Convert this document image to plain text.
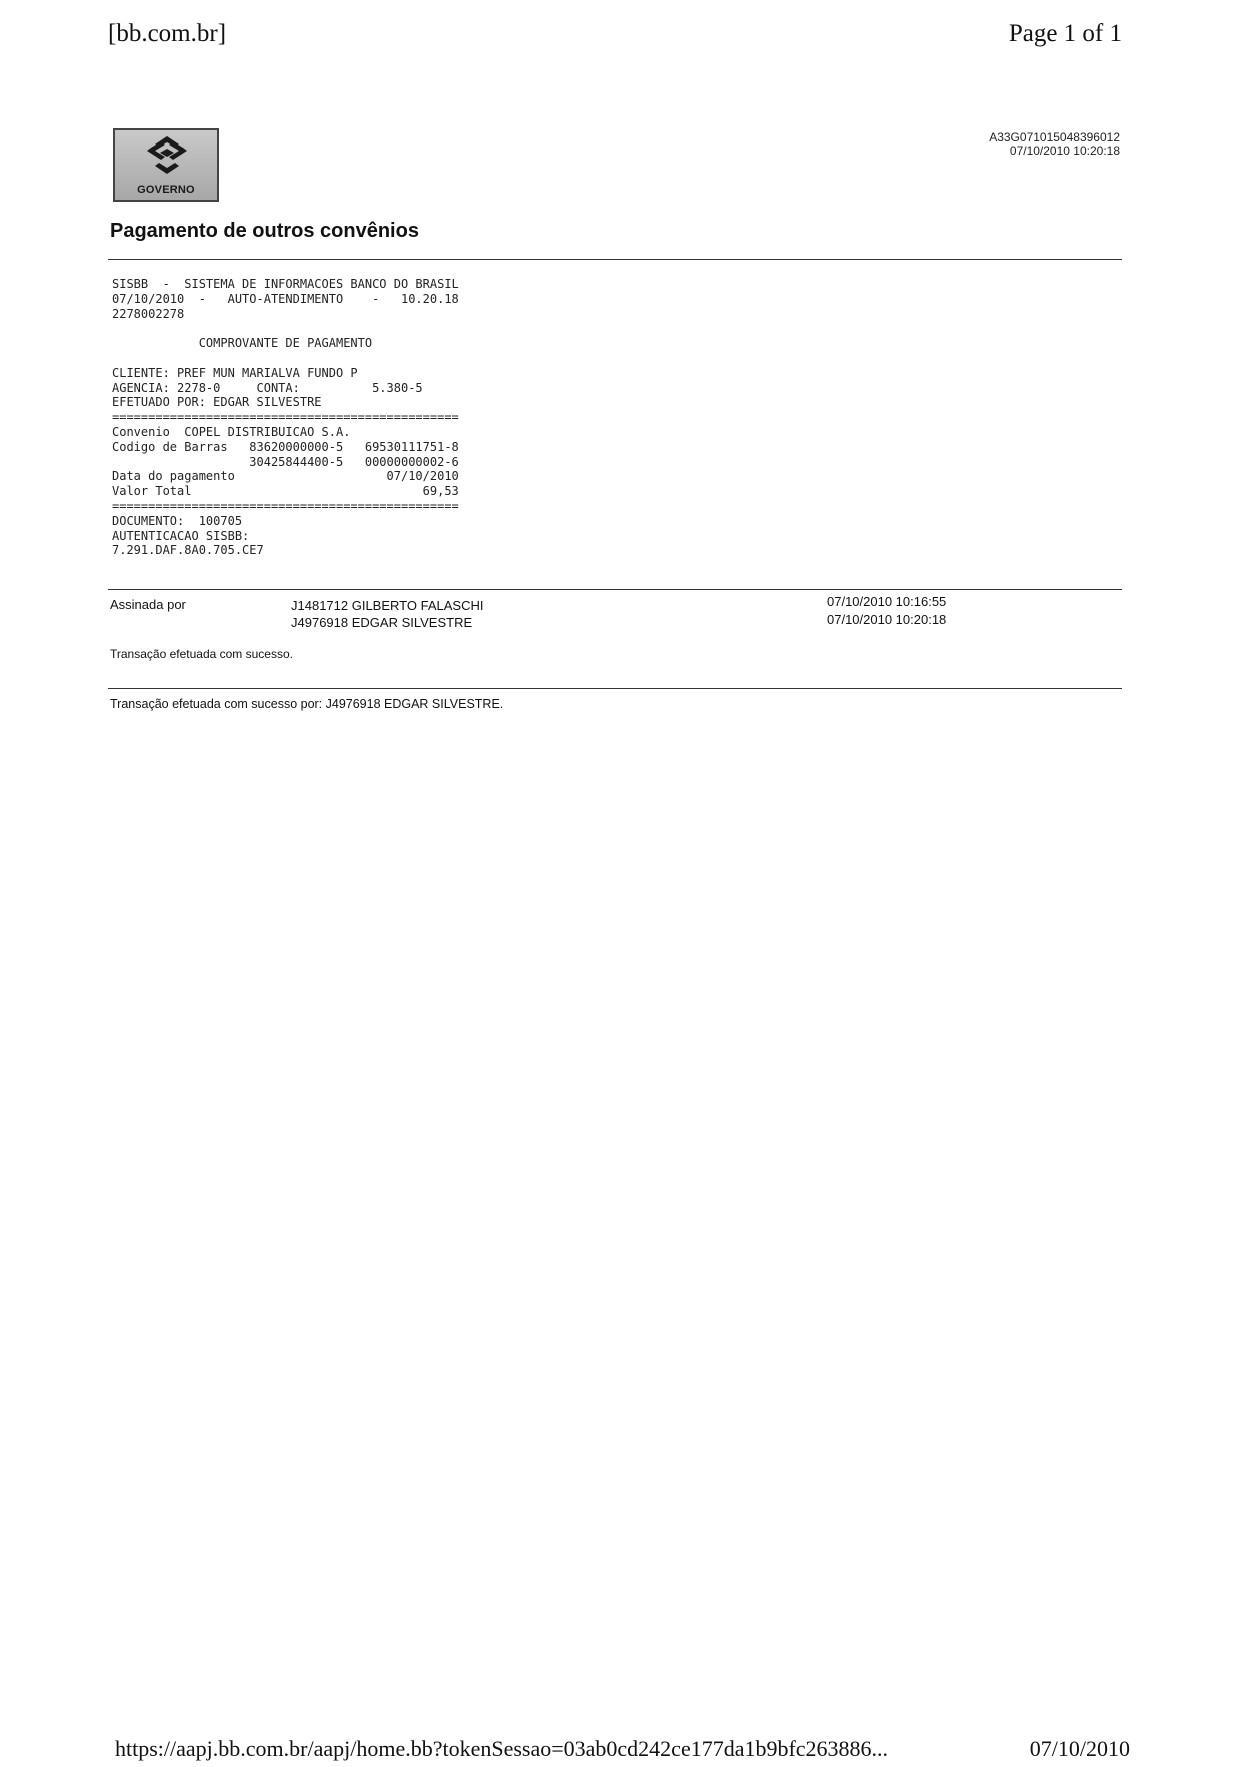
[bb.com.br]	Page 1 of 1
GOVERNO
A33G071015048396012
07/10/2010 10:20:18
Pagamento de outros convênios
SISBB  -  SISTEMA DE INFORMACOES BANCO DO BRASIL
07/10/2010  -   AUTO-ATENDIMENTO    -   10.20.18
2278002278
COMPROVANTE DE PAGAMENTO
CLIENTE: PREF MUN MARIALVA FUNDO P
AGENCIA: 2278-0     CONTA:          5.380-5
EFETUADO POR: EDGAR SILVESTRE
================================================
Convenio  COPEL DISTRIBUICAO S.A.
Codigo de Barras   83620000000-5   69530111751-8
30425844400-5   00000000002-6
Data do pagamento                     07/10/2010
Valor Total                                69,53
================================================
DOCUMENTO:  100705
AUTENTICACAO SISBB:
7.291.DAF.8A0.705.CE7
Assinada por	J1481712 GILBERTO FALASCHI	07/10/2010 10:16:55
J4976918 EDGAR SILVESTRE	07/10/2010 10:20:18
Transação efetuada com sucesso.
Transação efetuada com sucesso por: J4976918 EDGAR SILVESTRE.
https://aapj.bb.com.br/aapj/home.bb?tokenSessao=03ab0cd242ce177da1b9bfc263886...	07/10/2010
